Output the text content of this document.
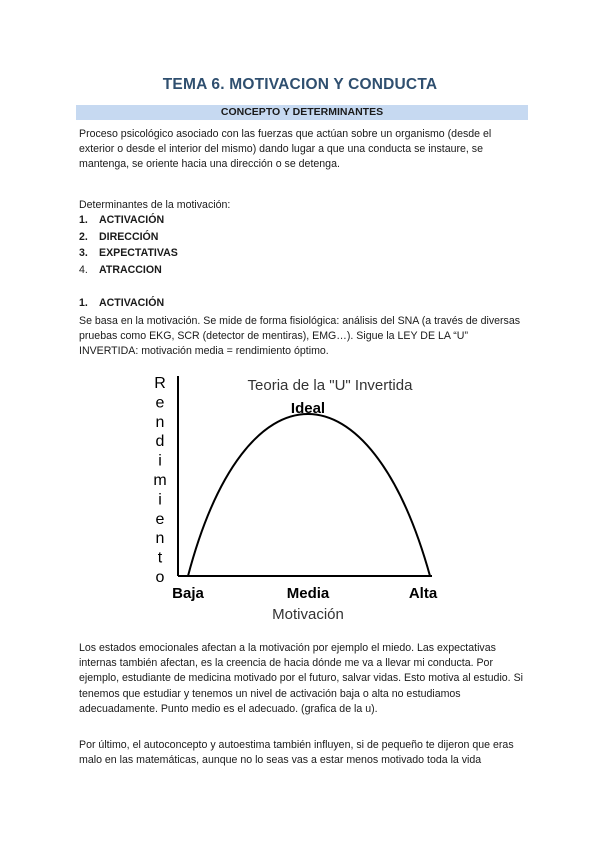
TEMA 6. MOTIVACION Y CONDUCTA
CONCEPTO Y DETERMINANTES
Proceso psicológico asociado con las fuerzas que actúan sobre un organismo (desde el exterior o desde el interior del mismo) dando lugar a que una conducta se instaure, se mantenga, se oriente hacia una dirección o se detenga.
Determinantes de la motivación:
1. ACTIVACIÓN
2. DIRECCIÓN
3. EXPECTATIVAS
4. ATRACCION
1. ACTIVACIÓN
Se basa en la motivación. Se mide de forma fisiológica: análisis del SNA (a través de diversas pruebas como EKG, SCR (detector de mentiras), EMG…). Sigue la LEY DE LA “U” INVERTIDA: motivación media = rendimiento óptimo.
Teoria de la "U" Invertida
Ideal
R
e
n
d
i
m
i
e
n
t
o
Baja	Media	Alta
Motivación
Los estados emocionales afectan a la motivación por ejemplo el miedo. Las expectativas internas también afectan, es la creencia de hacia dónde me va a llevar mi conducta. Por ejemplo, estudiante de medicina motivado por el futuro, salvar vidas. Esto motiva al estudio. Si tenemos que estudiar y tenemos un nivel de activación baja o alta no estudiamos adecuadamente. Punto medio es el adecuado. (grafica de la u).
Por último, el autoconcepto y autoestima también influyen, si de pequeño te dijeron que eras malo en las matemáticas, aunque no lo seas vas a estar menos motivado toda la vida
